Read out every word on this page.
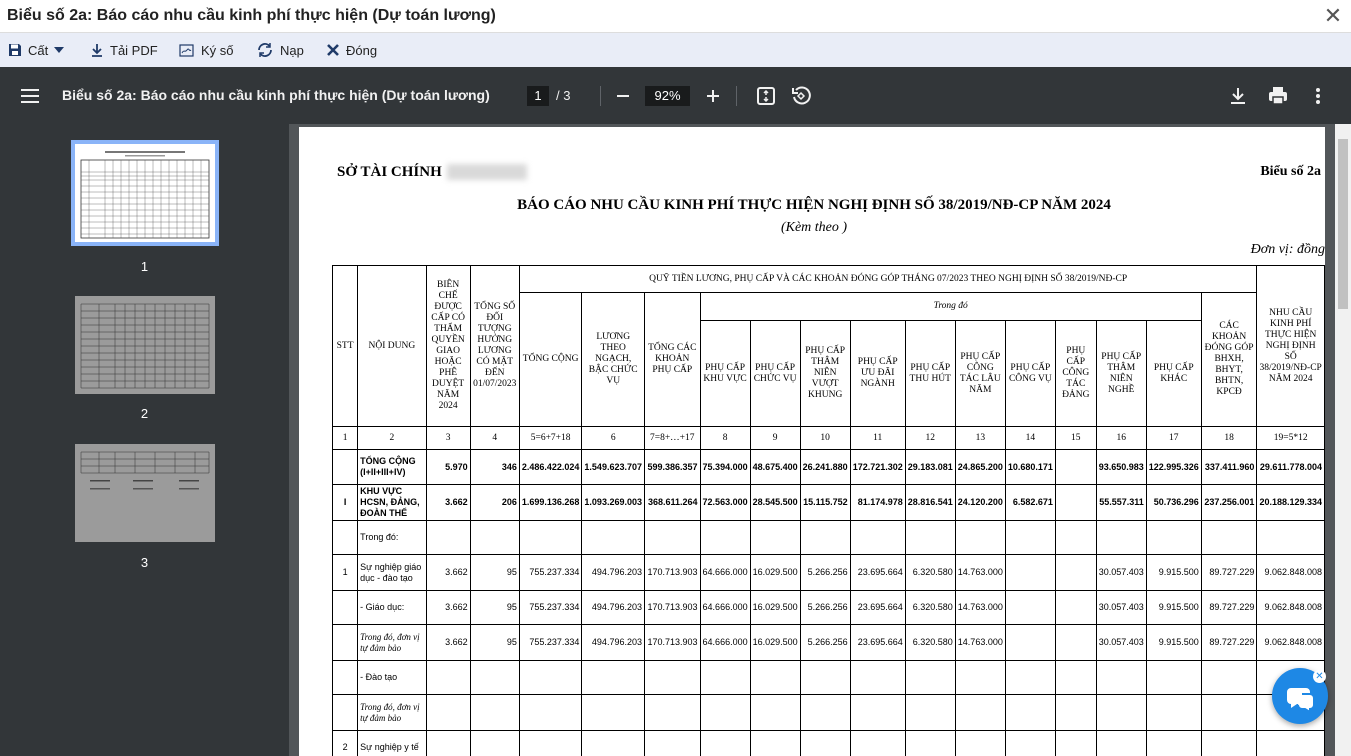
Biểu số 2a: Báo cáo nhu cầu kinh phí thực hiện (Dự toán lương)	✕
Cất	Tải PDF	Ký số	Nạp	Đóng
Biểu số 2a: Báo cáo nhu cầu kinh phí thực hiện (Dự toán lương)	1	/ 3	92%
1
2
3
SỞ TÀI CHÍNH	Biểu số 2a
BÁO CÁO NHU CẦU KINH PHÍ THỰC HIỆN NGHỊ ĐỊNH SỐ 38/2019/NĐ-CP NĂM 2024
(Kèm theo )
Đơn vị: đồng
STT	NỘI DUNG	BIÊN CHẾ ĐƯỢC CẤP CÓ THẨM QUYỀN GIAO HOẶC PHÊ DUYỆT NĂM 2024	TỔNG SỐ ĐỐI TƯỢNG HƯỞNG LƯƠNG CÓ MẶT ĐẾN 01/07/2023	QUỸ TIỀN LƯƠNG, PHỤ CẤP VÀ CÁC KHOẢN ĐÓNG GÓP THÁNG 07/2023 THEO NGHỊ ĐỊNH SỐ 38/2019/NĐ-CP														NHU CẦU KINH PHÍ THỰC HIỆN NGHỊ ĐỊNH SỐ 38/2019/NĐ-CP NĂM 2024
				TỔNG CỘNG	LƯƠNG THEO NGẠCH, BẬC CHỨC VỤ	TỔNG CÁC KHOẢN PHỤ CẤP	Trong đó										CÁC KHOẢN ĐÓNG GÓP BHXH, BHYT, BHTN, KPCĐ	
							PHỤ CẤP KHU VỰC	PHỤ CẤP CHỨC VỤ	PHỤ CẤP THÂM NIÊN VƯỢT KHUNG	PHỤ CẤP ƯU ĐÃI NGÀNH	PHỤ CẤP THU HÚT	PHỤ CẤP CÔNG TÁC LÂU NĂM	PHỤ CẤP CÔNG VỤ	PHỤ CẤP CÔNG TÁC ĐẢNG	PHỤ CẤP THÂM NIÊN NGHỀ	PHỤ CẤP KHÁC		
1	2	3	4	5=6+7+18	6	7=8+…+17	8	9	10	11	12	13	14	15	16	17	18	19=5*12
	TỔNG CỘNG (I+II+III+IV)	5.970	346	2.486.422.024	1.549.623.707	599.386.357	75.394.000	48.675.400	26.241.880	172.721.302	29.183.081	24.865.200	10.680.171		93.650.983	122.995.326	337.411.960	29.611.778.004
I	KHU VỰC HCSN, ĐẢNG, ĐOÀN THỂ	3.662	206	1.699.136.268	1.093.269.003	368.611.264	72.563.000	28.545.500	15.115.752	81.174.978	28.816.541	24.120.200	6.582.671		55.557.311	50.736.296	237.256.001	20.188.129.334
	Trong đó:																	
1	Sự nghiệp giáo dục - đào tạo	3.662	95	755.237.334	494.796.203	170.713.903	64.666.000	16.029.500	5.266.256	23.695.664	6.320.580	14.763.000			30.057.403	9.915.500	89.727.229	9.062.848.008
	- Giáo dục:	3.662	95	755.237.334	494.796.203	170.713.903	64.666.000	16.029.500	5.266.256	23.695.664	6.320.580	14.763.000			30.057.403	9.915.500	89.727.229	9.062.848.008
	Trong đó, đơn vị tự đảm bảo	3.662	95	755.237.334	494.796.203	170.713.903	64.666.000	16.029.500	5.266.256	23.695.664	6.320.580	14.763.000			30.057.403	9.915.500	89.727.229	9.062.848.008
	- Đào tạo																	
	Trong đó, đơn vị tự đảm bảo																	
2	Sự nghiệp y tế																	
✕
